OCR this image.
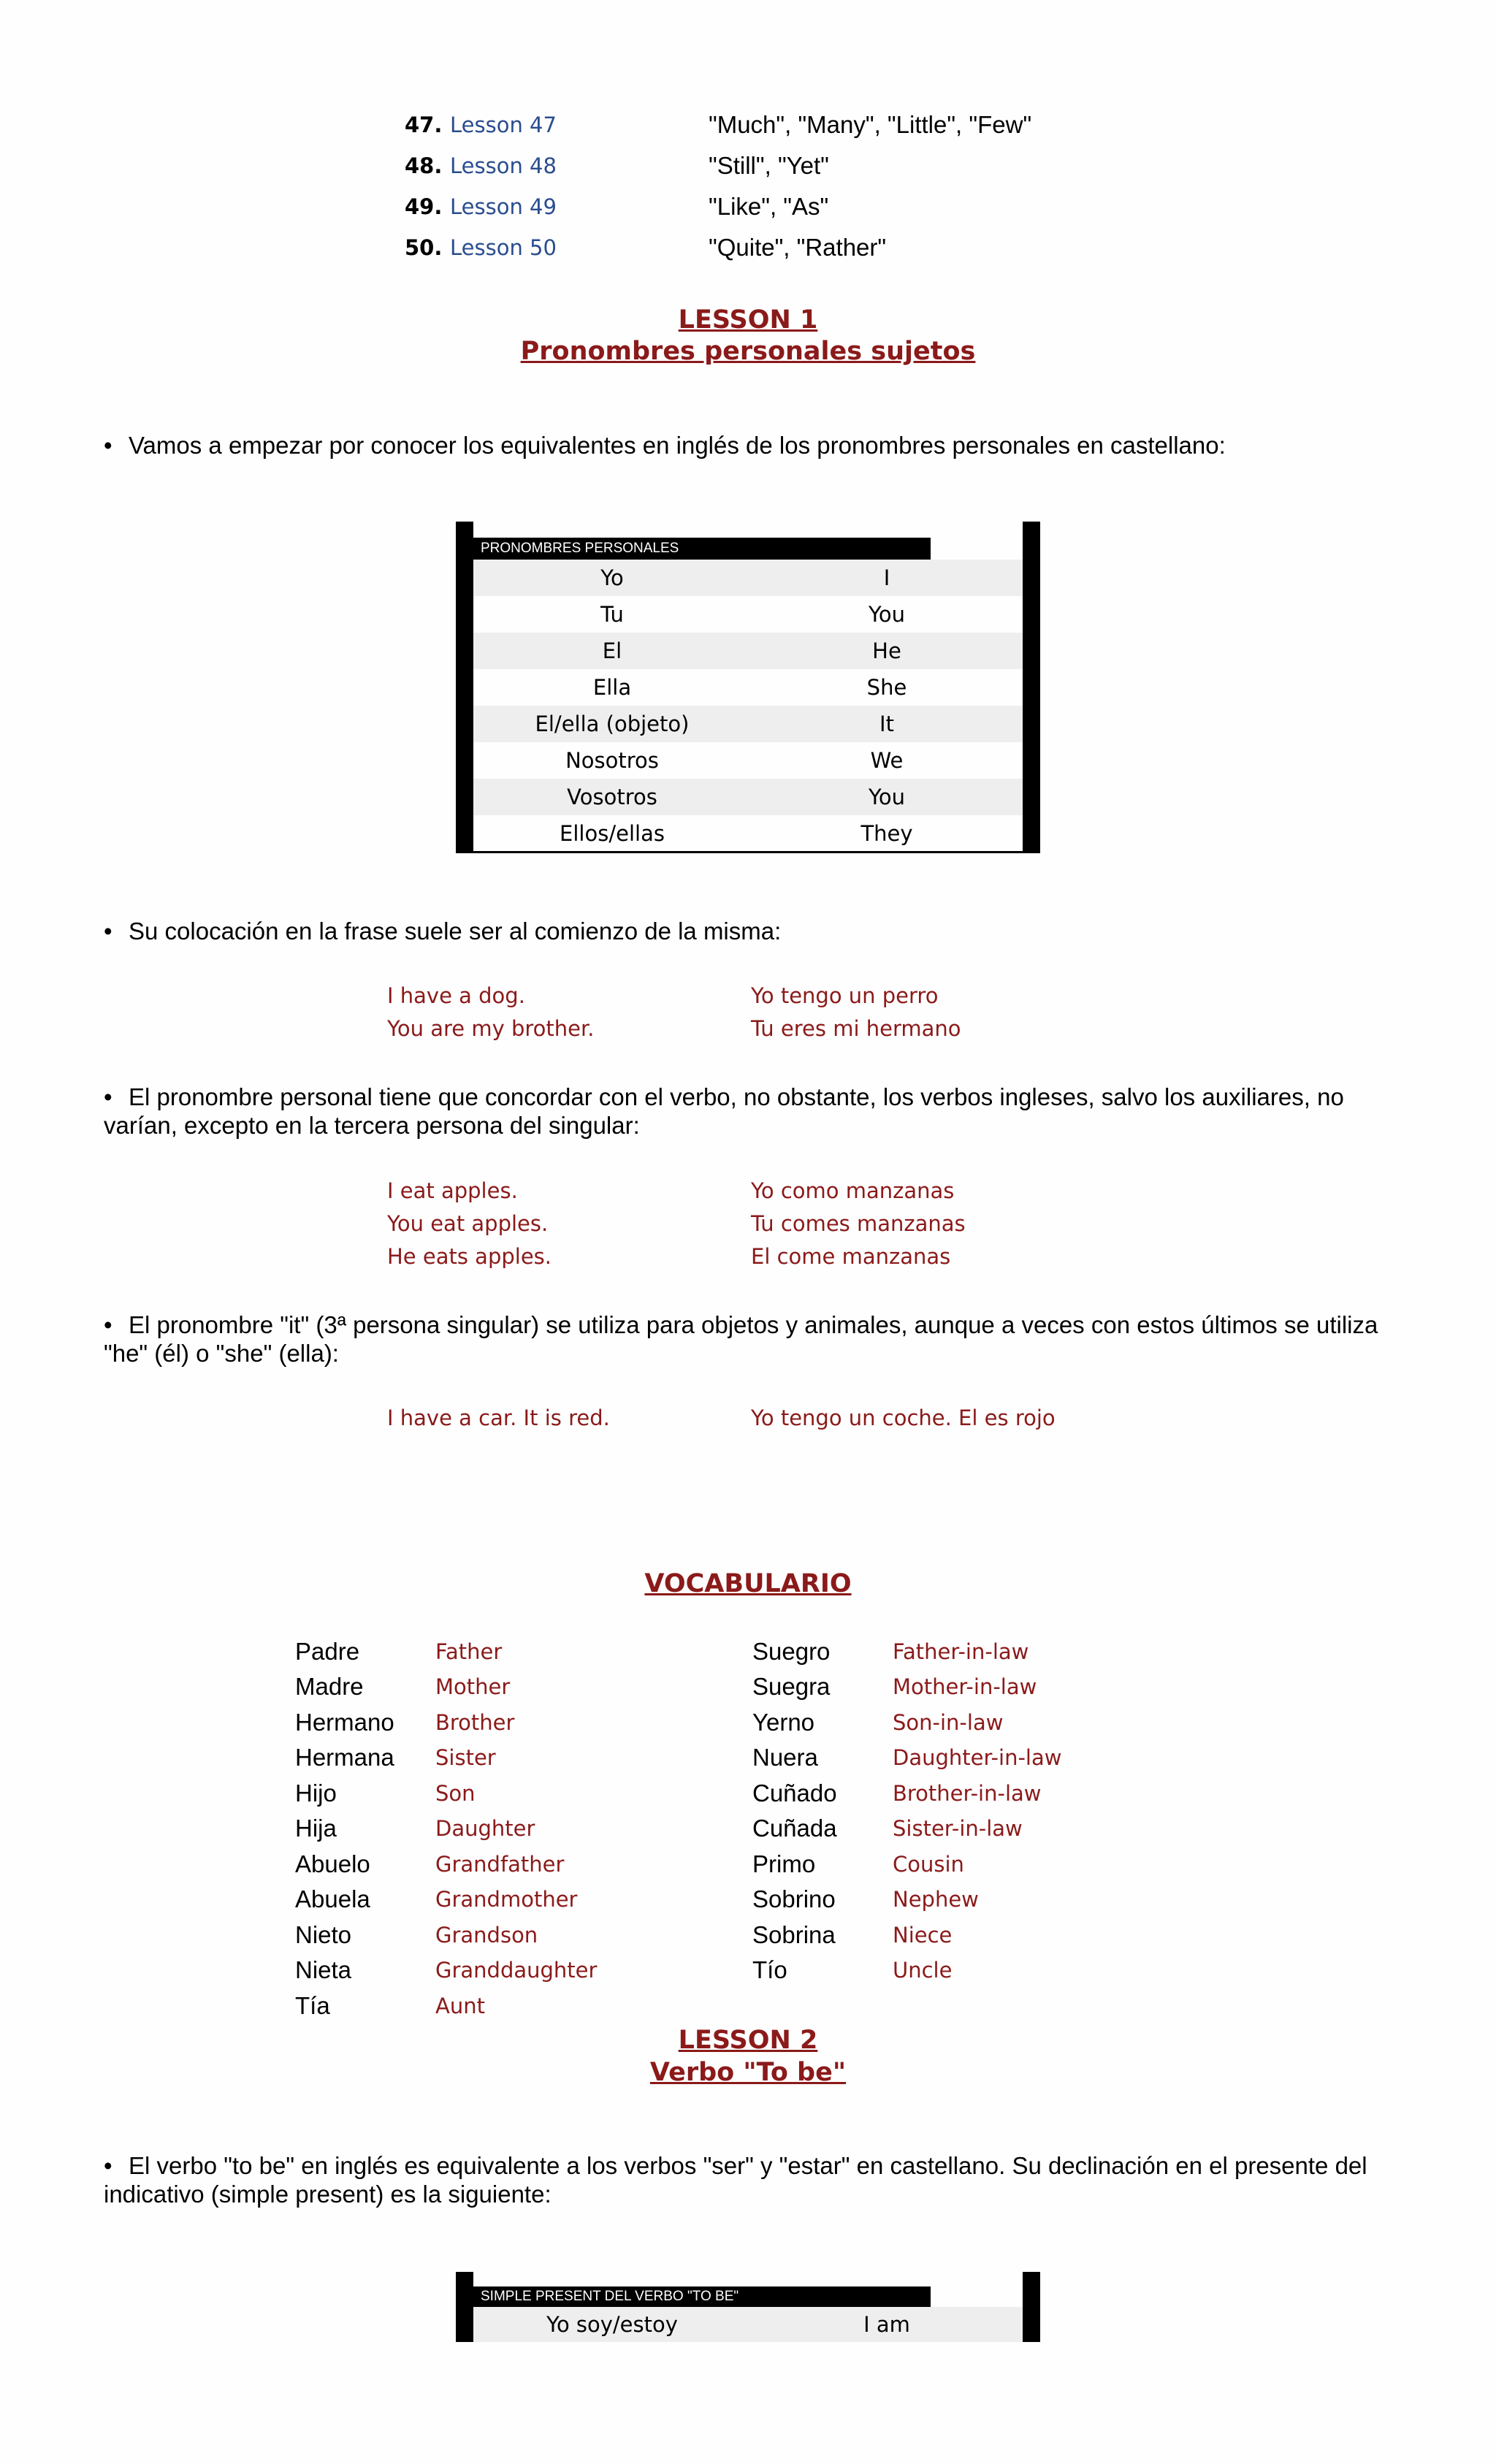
47. Lesson 47	"Much", "Many", "Little", "Few"
48. Lesson 48	"Still", "Yet"
49. Lesson 49	"Like", "As"
50. Lesson 50	"Quite", "Rather"
LESSON 1
Pronombres personales sujetos
• Vamos a empezar por conocer los equivalentes en inglés de los pronombres personales en castellano:
PRONOMBRES PERSONALES
Yo	I
Tu	You
El	He
Ella	She
El/ella (objeto)	It
Nosotros	We
Vosotros	You
Ellos/ellas	They
• Su colocación en la frase suele ser al comienzo de la misma:
I have a dog.	Yo tengo un perro
You are my brother.	Tu eres mi hermano
• El pronombre personal tiene que concordar con el verbo, no obstante, los verbos ingleses, salvo los auxiliares, no varían, excepto en la tercera persona del singular:
I eat apples.	Yo como manzanas
You eat apples.	Tu comes manzanas
He eats apples.	El come manzanas
• El pronombre "it" (3ª persona singular) se utiliza para objetos y animales, aunque a veces con estos últimos se utiliza "he" (él) o "she" (ella):
I have a car. It is red.	Yo tengo un coche. El es rojo
VOCABULARIO
Padre	Father
Madre	Mother
Hermano Brother
Hermana Sister
Hijo	Son
Hija	Daughter
Abuelo	Grandfather
Abuela	Grandmother
Nieto	Grandson
Nieta	Granddaughter
Tía	Aunt
Suegro	Father-in-law
Suegra	Mother-in-law
Yerno	Son-in-law
Nuera	Daughter-in-law
Cuñado	Brother-in-law
Cuñada	Sister-in-law
Primo	Cousin
Sobrino	Nephew
Sobrina	Niece
Tío	Uncle
LESSON 2
Verbo "To be"
• El verbo "to be" en inglés es equivalente a los verbos "ser" y "estar" en castellano. Su declinación en el presente del indicativo (simple present) es la siguiente:
SIMPLE PRESENT DEL VERBO "TO BE"
Yo soy/estoy	I am
